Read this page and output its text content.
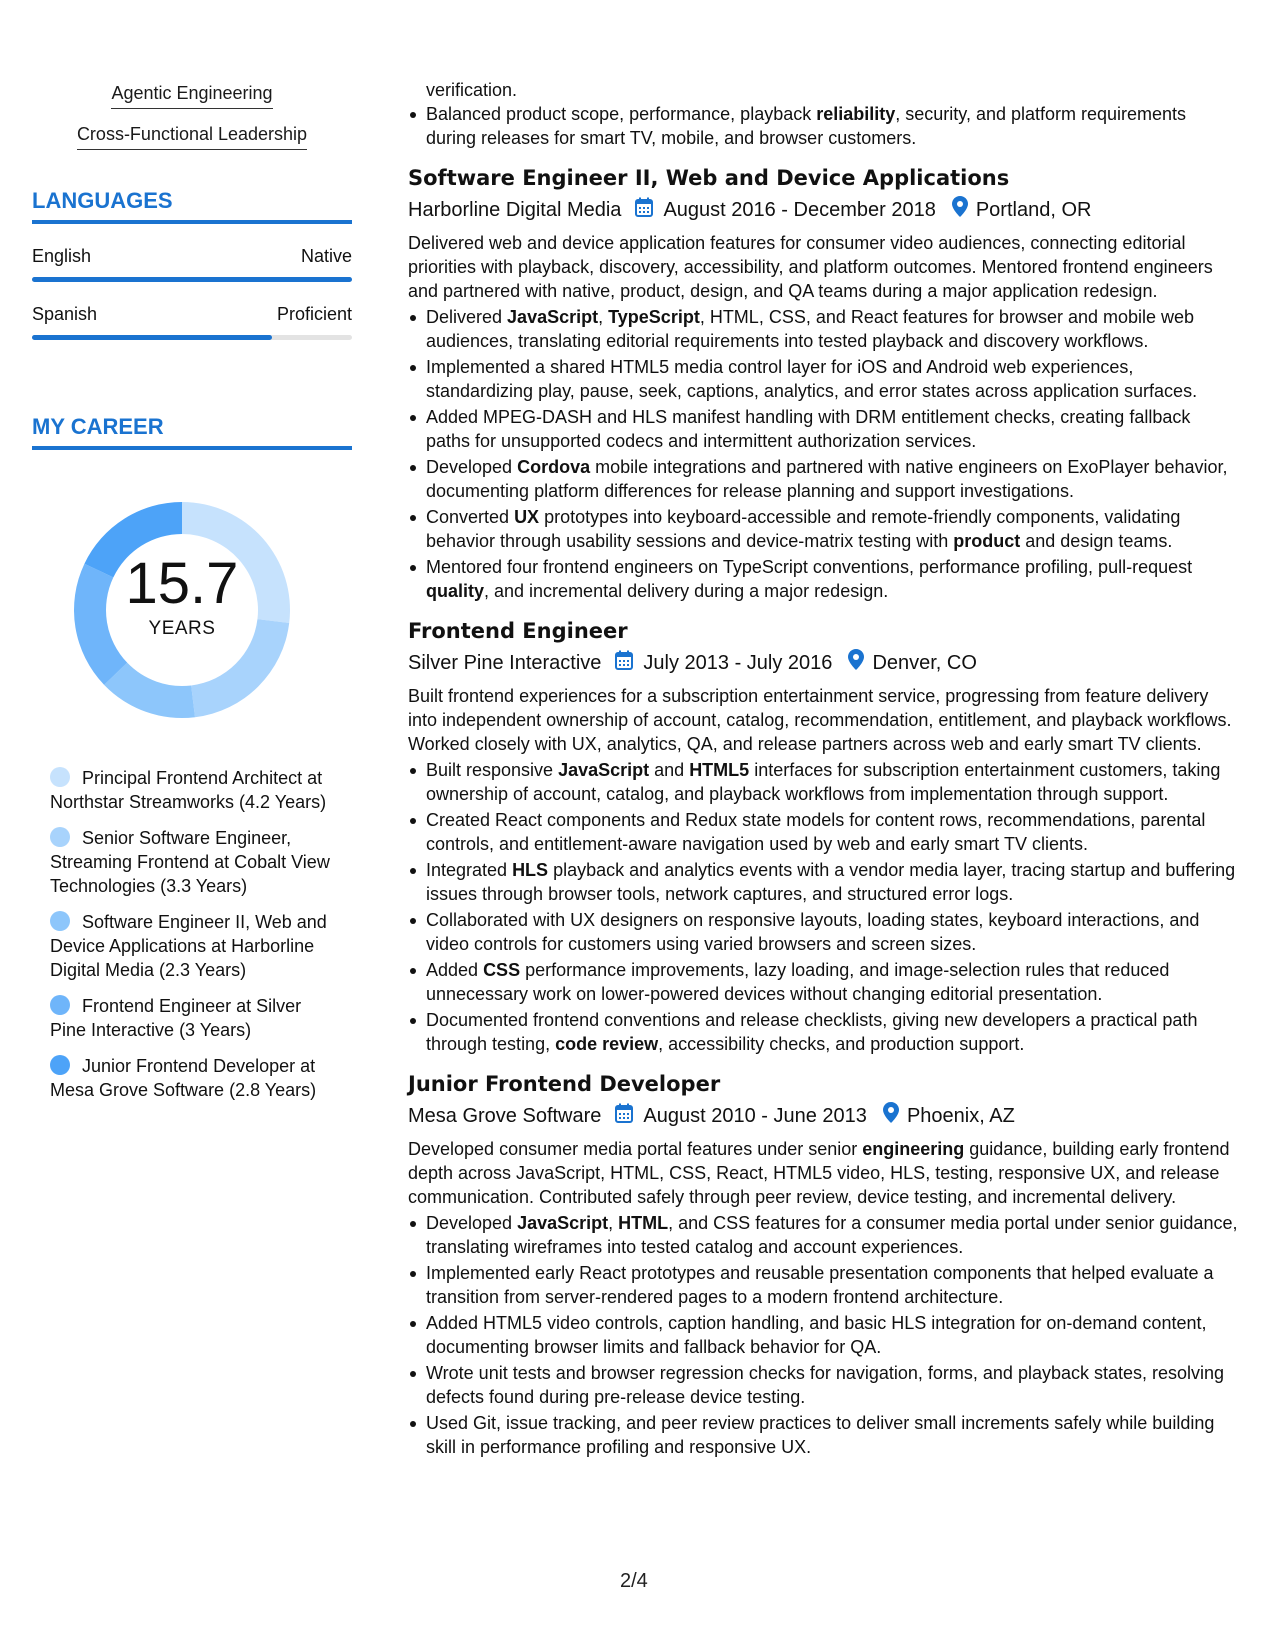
Agentic Engineering
Cross-Functional Leadership
LANGUAGES
English	Native
Spanish	Proficient
MY CAREER
15.7
YEARS
Principal Frontend Architect at Northstar Streamworks (4.2 Years)
Senior Software Engineer, Streaming Frontend at Cobalt View Technologies (3.3 Years)
Software Engineer II, Web and Device Applications at Harborline Digital Media (2.3 Years)
Frontend Engineer at Silver Pine Interactive (3 Years)
Junior Frontend Developer at Mesa Grove Software (2.8 Years)
verification.
Balanced product scope, performance, playback reliability, security, and platform requirements during releases for smart TV, mobile, and browser customers.
Software Engineer II, Web and Device Applications
Harborline Digital Media August 2016 - December 2018 Portland, OR

Delivered web and device application features for consumer video audiences, connecting editorial priorities with playback, discovery, accessibility, and platform outcomes. Mentored frontend engineers and partnered with native, product, design, and QA teams during a major application redesign.

Delivered JavaScript, TypeScript, HTML, CSS, and React features for browser and mobile web audiences, translating editorial requirements into tested playback and discovery workflows.
Implemented a shared HTML5 media control layer for iOS and Android web experiences, standardizing play, pause, seek, captions, analytics, and error states across application surfaces.
Added MPEG-DASH and HLS manifest handling with DRM entitlement checks, creating fallback paths for unsupported codecs and intermittent authorization services.
Developed Cordova mobile integrations and partnered with native engineers on ExoPlayer behavior, documenting platform differences for release planning and support investigations.
Converted UX prototypes into keyboard-accessible and remote-friendly components, validating behavior through usability sessions and device-matrix testing with product and design teams.
Mentored four frontend engineers on TypeScript conventions, performance profiling, pull-request quality, and incremental delivery during a major redesign.
Frontend Engineer
Silver Pine Interactive July 2013 - July 2016 Denver, CO

Built frontend experiences for a subscription entertainment service, progressing from feature delivery into independent ownership of account, catalog, recommendation, entitlement, and playback workflows. Worked closely with UX, analytics, QA, and release partners across web and early smart TV clients.

Built responsive JavaScript and HTML5 interfaces for subscription entertainment customers, taking ownership of account, catalog, and playback workflows from implementation through support.
Created React components and Redux state models for content rows, recommendations, parental controls, and entitlement-aware navigation used by web and early smart TV clients.
Integrated HLS playback and analytics events with a vendor media layer, tracing startup and buffering issues through browser tools, network captures, and structured error logs.
Collaborated with UX designers on responsive layouts, loading states, keyboard interactions, and video controls for customers using varied browsers and screen sizes.
Added CSS performance improvements, lazy loading, and image-selection rules that reduced unnecessary work on lower-powered devices without changing editorial presentation.
Documented frontend conventions and release checklists, giving new developers a practical path through testing, code review, accessibility checks, and production support.
Junior Frontend Developer
Mesa Grove Software August 2010 - June 2013 Phoenix, AZ

Developed consumer media portal features under senior engineering guidance, building early frontend depth across JavaScript, HTML, CSS, React, HTML5 video, HLS, testing, responsive UX, and release communication. Contributed safely through peer review, device testing, and incremental delivery.

Developed JavaScript, HTML, and CSS features for a consumer media portal under senior guidance, translating wireframes into tested catalog and account experiences.
Implemented early React prototypes and reusable presentation components that helped evaluate a transition from server-rendered pages to a modern frontend architecture.
Added HTML5 video controls, caption handling, and basic HLS integration for on-demand content, documenting browser limits and fallback behavior for QA.
Wrote unit tests and browser regression checks for navigation, forms, and playback states, resolving defects found during pre-release device testing.
Used Git, issue tracking, and peer review practices to deliver small increments safely while building skill in performance profiling and responsive UX.
2/4
